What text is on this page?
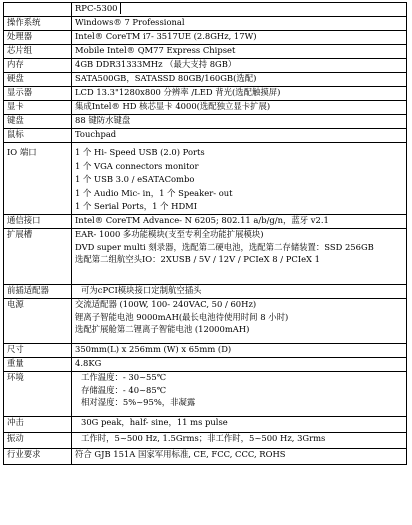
	RPC-5300
操作系统	Windows® 7 Professional

处理器	Intel® CoreTM i7- 3517UE (2.8GHz, 17W)

芯片组	Mobile Intel® QM77 Express Chipset

内存	4GB DDR31333MHz （最大支持 8GB）

硬盘	SATA500GB，SATASSD 80GB/160GB(选配)

显示器	LCD 13.3"1280x800 分辨率 /LED 背光(选配触摸屏)

显卡	集成Intel® HD 核芯显卡 4000(选配独立显卡扩展)

键盘	88 键防水键盘

鼠标	Touchpad

IO 端口	1 个 Hi- Speed USB (2.0) Ports
1 个 VGA connectors monitor
1 个 USB 3.0 / eSATACombo
1 个 Audio Mic- in，1 个 Speaker- out
1 个 Serial Ports，1 个 HDMI

通信接口	Intel® CoreTM Advance- N 6205; 802.11 a/b/g/n，蓝牙 v2.1

扩展槽	EAR- 1000 多功能模块(支至专利全功能扩展模块)
DVD super multi 刻录器，选配第二硬电池，选配第二存储装置：SSD 256GB
选配第二组航空头IO：2XUSB / 5V / 12V / PCIeX 8 / PCIeX 1

前插适配器	可为cPCI模块接口定制航空插头

电源	交流适配器 (100W, 100- 240VAC, 50 / 60Hz)
锂离子智能电池 9000mAH(最长电池待使用时间 8 小时)
选配扩展舱第二锂离子智能电池 (12000mAH)

尺寸	350mm(L) x 256mm (W) x 65mm (D)

重量	4.8KG

环境	工作温度：- 30~55℃
存储温度：- 40~85℃
相对湿度：5%~95%，非凝露

冲击	30G peak，half- sine，11 ms pulse

振动	工作时，5~500 Hz, 1.5Grms；非工作时，5~500 Hz, 3Grms

行业要求	符合 GJB 151A 国家军用标准, CE, FCC, CCC, ROHS
